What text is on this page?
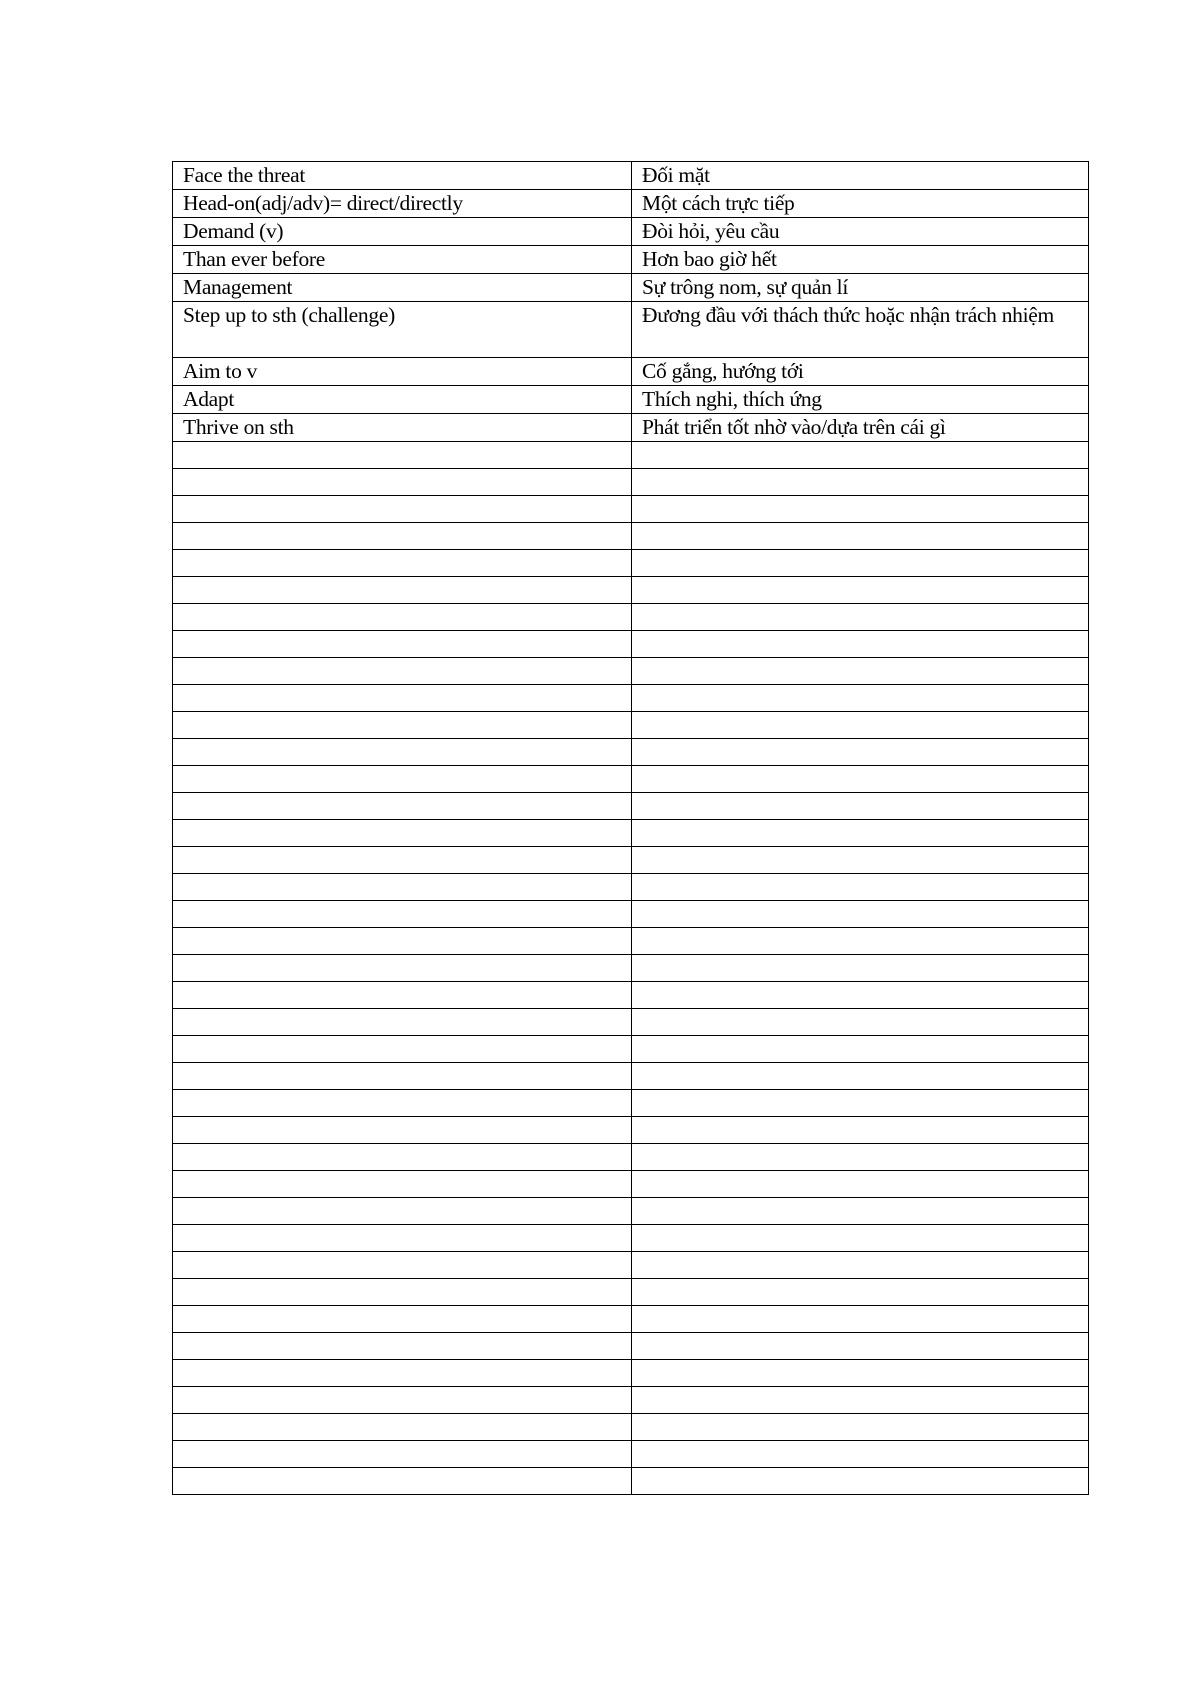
Face the threat	Đối mặt
Head-on(adj/adv)= direct/directly	Một cách trực tiếp
Demand (v)	Đòi hỏi, yêu cầu
Than ever before	Hơn bao giờ hết
Management	Sự trông nom, sự quản lí
Step up to sth (challenge)	Đương đầu với thách thức hoặc nhận trách nhiệm
Aim to v	Cố gắng, hướng tới
Adapt	Thích nghi, thích ứng
Thrive on sth	Phát triển tốt nhờ vào/dựa trên cái gì
